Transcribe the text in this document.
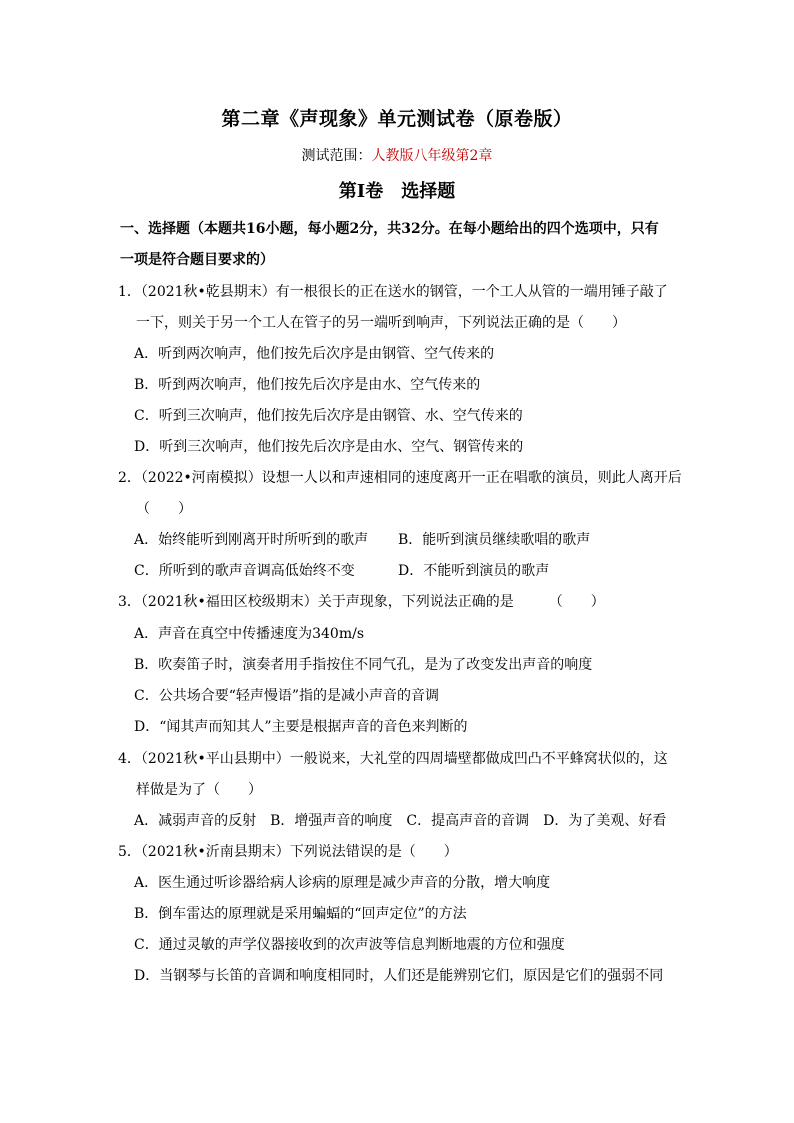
第二章《声现象》单元测试卷（原卷版）
测试范围：人教版八年级第2章
第Ⅰ卷 选择题
一、选择题（本题共16小题，每小题2分，共32分。在每小题给出的四个选项中，只有
一项是符合题目要求的）
1．（2021秋•乾县期末）有一根很长的正在送水的钢管，一个工人从管的一端用锤子敲了
一下，则关于另一个工人在管子的另一端听到响声，下列说法正确的是（　　）
A．听到两次响声，他们按先后次序是由钢管、空气传来的
B．听到两次响声，他们按先后次序是由水、空气传来的
C．听到三次响声，他们按先后次序是由钢管、水、空气传来的
D．听到三次响声，他们按先后次序是由水、空气、钢管传来的
2．（2022•河南模拟）设想一人以和声速相同的速度离开一正在唱歌的演员，则此人离开后
（　　）
A．始终能听到刚离开时所听到的歌声 B．能听到演员继续歌唱的歌声
C．所听到的歌声音调高低始终不变	D．不能听到演员的歌声
3．（2021秋•福田区校级期末）关于声现象，下列说法正确的是　　　（　　）
A．声音在真空中传播速度为340m/s
B．吹奏笛子时，演奏者用手指按住不同气孔，是为了改变发出声音的响度
C．公共场合要“轻声慢语”指的是减小声音的音调
D．“闻其声而知其人”主要是根据声音的音色来判断的
4．（2021秋•平山县期中）一般说来，大礼堂的四周墙壁都做成凹凸不平蜂窝状似的，这
样做是为了（　　）
A．减弱声音的反射　B．增强声音的响度　C．提高声音的音调　D．为了美观、好看
5．（2021秋•沂南县期末）下列说法错误的是（　　）
A．医生通过听诊器给病人诊病的原理是减少声音的分散，增大响度
B．倒车雷达的原理就是采用蝙蝠的“回声定位”的方法
C．通过灵敏的声学仪器接收到的次声波等信息判断地震的方位和强度
D．当钢琴与长笛的音调和响度相同时，人们还是能辨别它们，原因是它们的强弱不同
